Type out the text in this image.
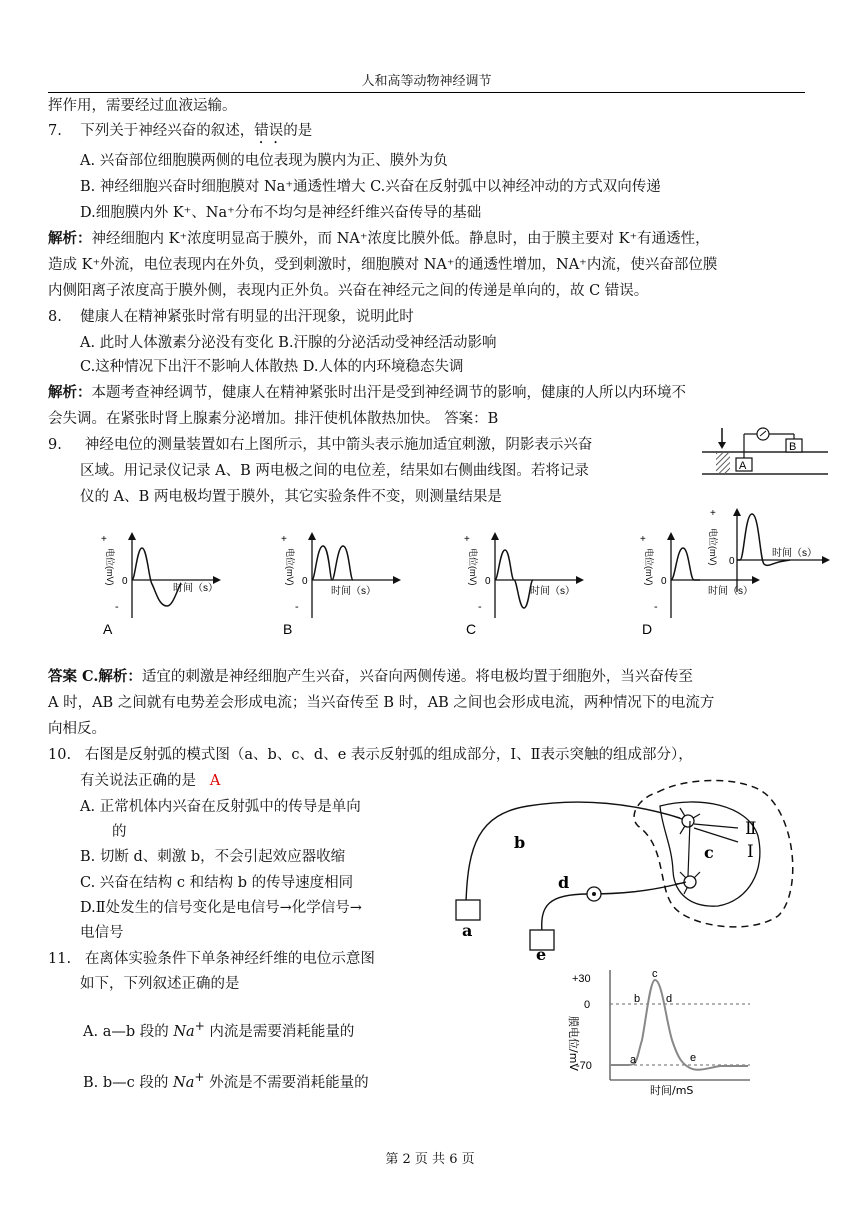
人和高等动物神经调节
挥作用，需要经过血液运输。
7. 下列关于神经兴奋的叙述，错误的是
A. 兴奋部位细胞膜两侧的电位表现为膜内为正、膜外为负
B. 神经细胞兴奋时细胞膜对 Na⁺通透性增大 C.兴奋在反射弧中以神经冲动的方式双向传递
D.细胞膜内外 K⁺、Na⁺分布不均匀是神经纤维兴奋传导的基础
解析：神经细胞内 K⁺浓度明显高于膜外，而 NA⁺浓度比膜外低。静息时，由于膜主要对 K⁺有通透性，
造成 K⁺外流，电位表现内在外负，受到刺激时，细胞膜对 NA⁺的通透性增加，NA⁺内流，使兴奋部位膜
内侧阳离子浓度高于膜外侧，表现内正外负。兴奋在神经元之间的传递是单向的，故 C 错误。
8. 健康人在精神紧张时常有明显的出汗现象，说明此时
A. 此时人体激素分泌没有变化 B.汗腺的分泌活动受神经活动影响
C.这种情况下出汗不影响人体散热 D.人体的内环境稳态失调
解析：本题考查神经调节，健康人在精神紧张时出汗是受到神经调节的影响，健康的人所以内环境不
会失调。在紧张时肾上腺素分泌增加。排汗使机体散热加快。 答案：B
9. 神经电位的测量装置如右上图所示，其中箭头表示施加适宜刺激，阴影表示兴奋
区域。用记录仪记录 A、B 两电极之间的电位差，结果如右侧曲线图。若将记录
仪的 A、B 两电极均置于膜外，其它实验条件不变，则测量结果是
A
B
+
电位(mV) 0
时间（s）
+
电位(mV) 0
-
时间（s）
A
+
电位(mV) 0
-
时间（s）
B
+
电位(mV) 0
-
时间（s）
C
+
电位(mV) 0
-
时间（s）
D
答案 C.解析：适宜的刺激是神经细胞产生兴奋，兴奋向两侧传递。将电极均置于细胞外，当兴奋传至
A 时，AB 之间就有电势差会形成电流；当兴奋传至 B 时，AB 之间也会形成电流，两种情况下的电流方
向相反。
10. 右图是反射弧的模式图（a、b、c、d、e 表示反射弧的组成部分，I、Ⅱ表示突触的组成部分），
有关说法正确的是 A
A. 正常机体内兴奋在反射弧中的传导是单向
的
B. 切断 d、刺激 b，不会引起效应器收缩
C. 兴奋在结构 c 和结构 b 的传导速度相同
D.Ⅱ处发生的信号变化是电信号→化学信号→
电信号
Ⅱ
I
c
b
a
d
e
11. 在离体实验条件下单条神经纤维的电位示意图
如下，下列叙述正确的是
A. a—b 段的 Na+ 内流是需要消耗能量的
B. b—c 段的 Na+ 外流是不需要消耗能量的
膜电位/mV
+30
0
-70	a
b
c
d
e
时间/mS
第 2 页 共 6 页
